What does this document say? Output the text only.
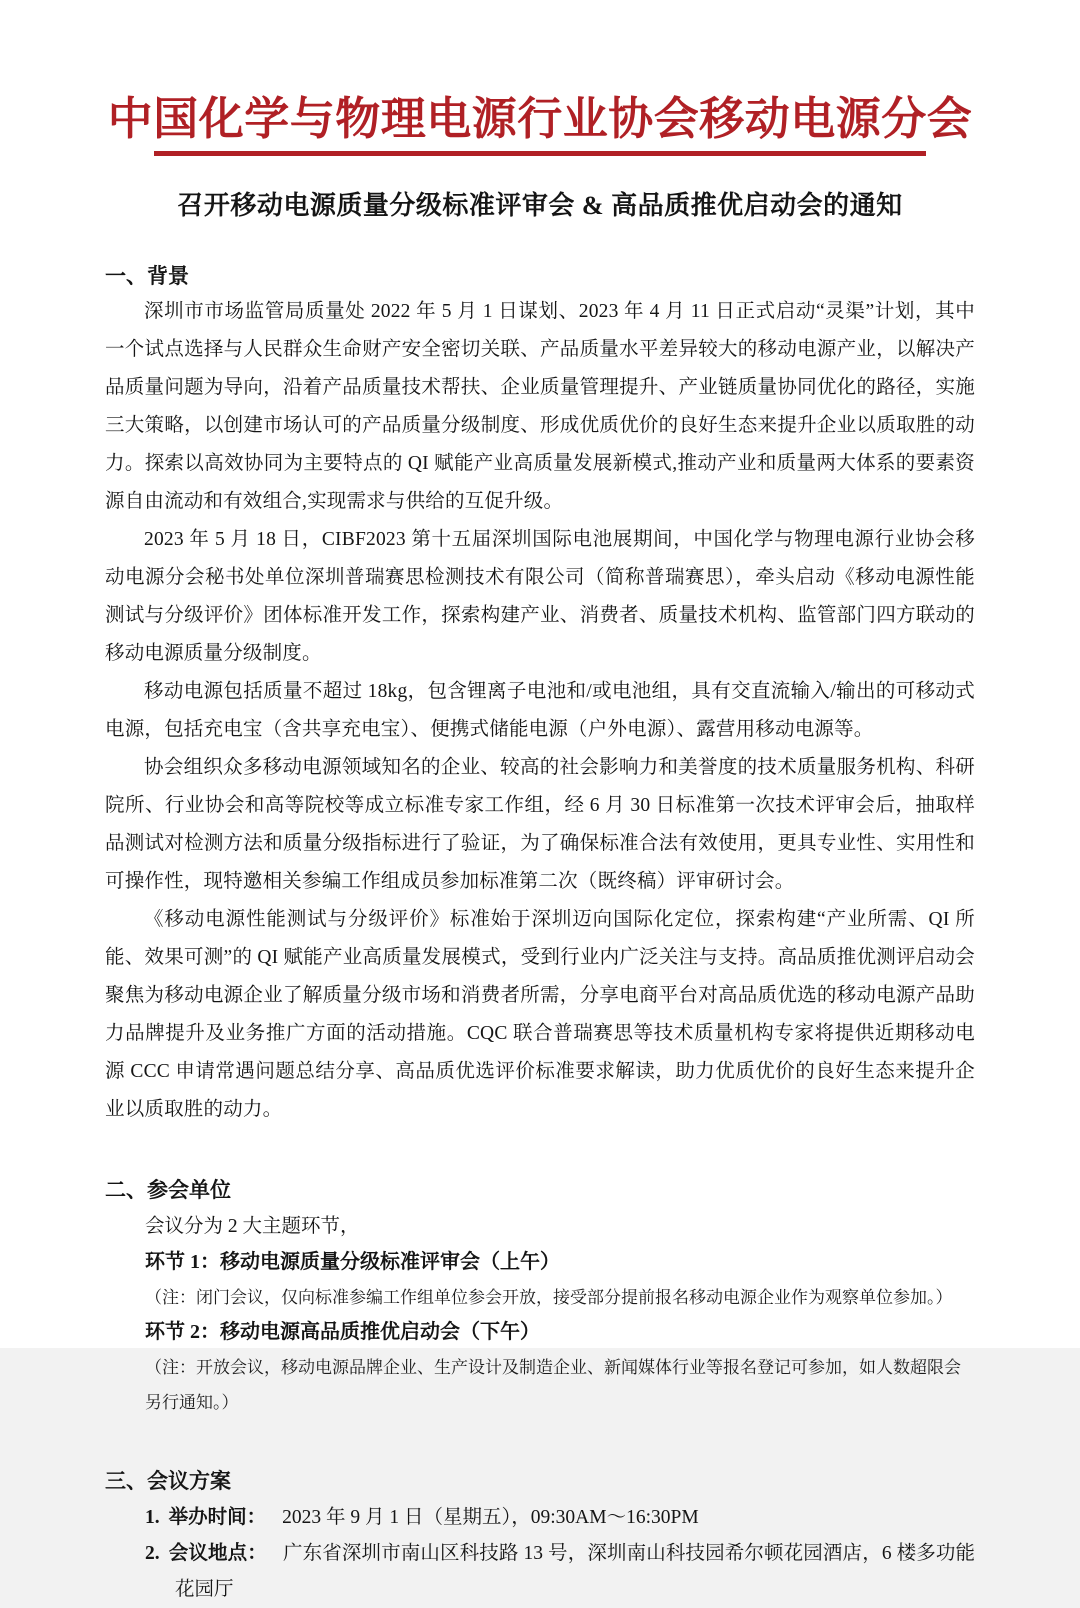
中国化学与物理电源行业协会移动电源分会
召开移动电源质量分级标准评审会 & 高品质推优启动会的通知
一、背景

深圳市市场监管局质量处 2022 年 5 月 1 日谋划、2023 年 4 月 11 日正式启动“灵渠”计划，其中一个试点选择与人民群众生命财产安全密切关联、产品质量水平差异较大的移动电源产业，以解决产品质量问题为导向，沿着产品质量技术帮扶、企业质量管理提升、产业链质量协同优化的路径，实施三大策略，以创建市场认可的产品质量分级制度、形成优质优价的良好生态来提升企业以质取胜的动力。探索以高效协同为主要特点的 QI 赋能产业高质量发展新模式,推动产业和质量两大体系的要素资源自由流动和有效组合,实现需求与供给的互促升级。

2023 年 5 月 18 日，CIBF2023 第十五届深圳国际电池展期间，中国化学与物理电源行业协会移动电源分会秘书处单位深圳普瑞赛思检测技术有限公司（简称普瑞赛思），牵头启动《移动电源性能测试与分级评价》团体标准开发工作，探索构建产业、消费者、质量技术机构、监管部门四方联动的移动电源质量分级制度。

移动电源包括质量不超过 18kg，包含锂离子电池和/或电池组，具有交直流输入/输出的可移动式电源，包括充电宝（含共享充电宝）、便携式储能电源（户外电源）、露营用移动电源等。

协会组织众多移动电源领域知名的企业、较高的社会影响力和美誉度的技术质量服务机构、科研院所、行业协会和高等院校等成立标准专家工作组，经 6 月 30 日标准第一次技术评审会后，抽取样品测试对检测方法和质量分级指标进行了验证，为了确保标准合法有效使用，更具专业性、实用性和可操作性，现特邀相关参编工作组成员参加标准第二次（既终稿）评审研讨会。

《移动电源性能测试与分级评价》标准始于深圳迈向国际化定位，探索构建“产业所需、QI 所能、效果可测”的 QI 赋能产业高质量发展模式，受到行业内广泛关注与支持。高品质推优测评启动会聚焦为移动电源企业了解质量分级市场和消费者所需，分享电商平台对高品质优选的移动电源产品助力品牌提升及业务推广方面的活动措施。CQC 联合普瑞赛思等技术质量机构专家将提供近期移动电源 CCC 申请常遇问题总结分享、高品质优选评价标准要求解读，助力优质优价的良好生态来提升企业以质取胜的动力。

二、参会单位

会议分为 2 大主题环节，

环节 1：移动电源质量分级标准评审会（上午）

（注：闭门会议，仅向标准参编工作组单位参会开放，接受部分提前报名移动电源企业作为观察单位参加。）

环节 2：移动电源高品质推优启动会（下午）

（注：开放会议，移动电源品牌企业、生产设计及制造企业、新闻媒体行业等报名登记可参加，如人数超限会另行通知。）

三、会议方案
1. 举办时间： 2023 年 9 月 1 日（星期五），09:30AM～16:30PM
2. 会议地点： 广东省深圳市南山区科技路 13 号，深圳南山科技园希尔顿花园酒店，6 楼多功能花园厅
